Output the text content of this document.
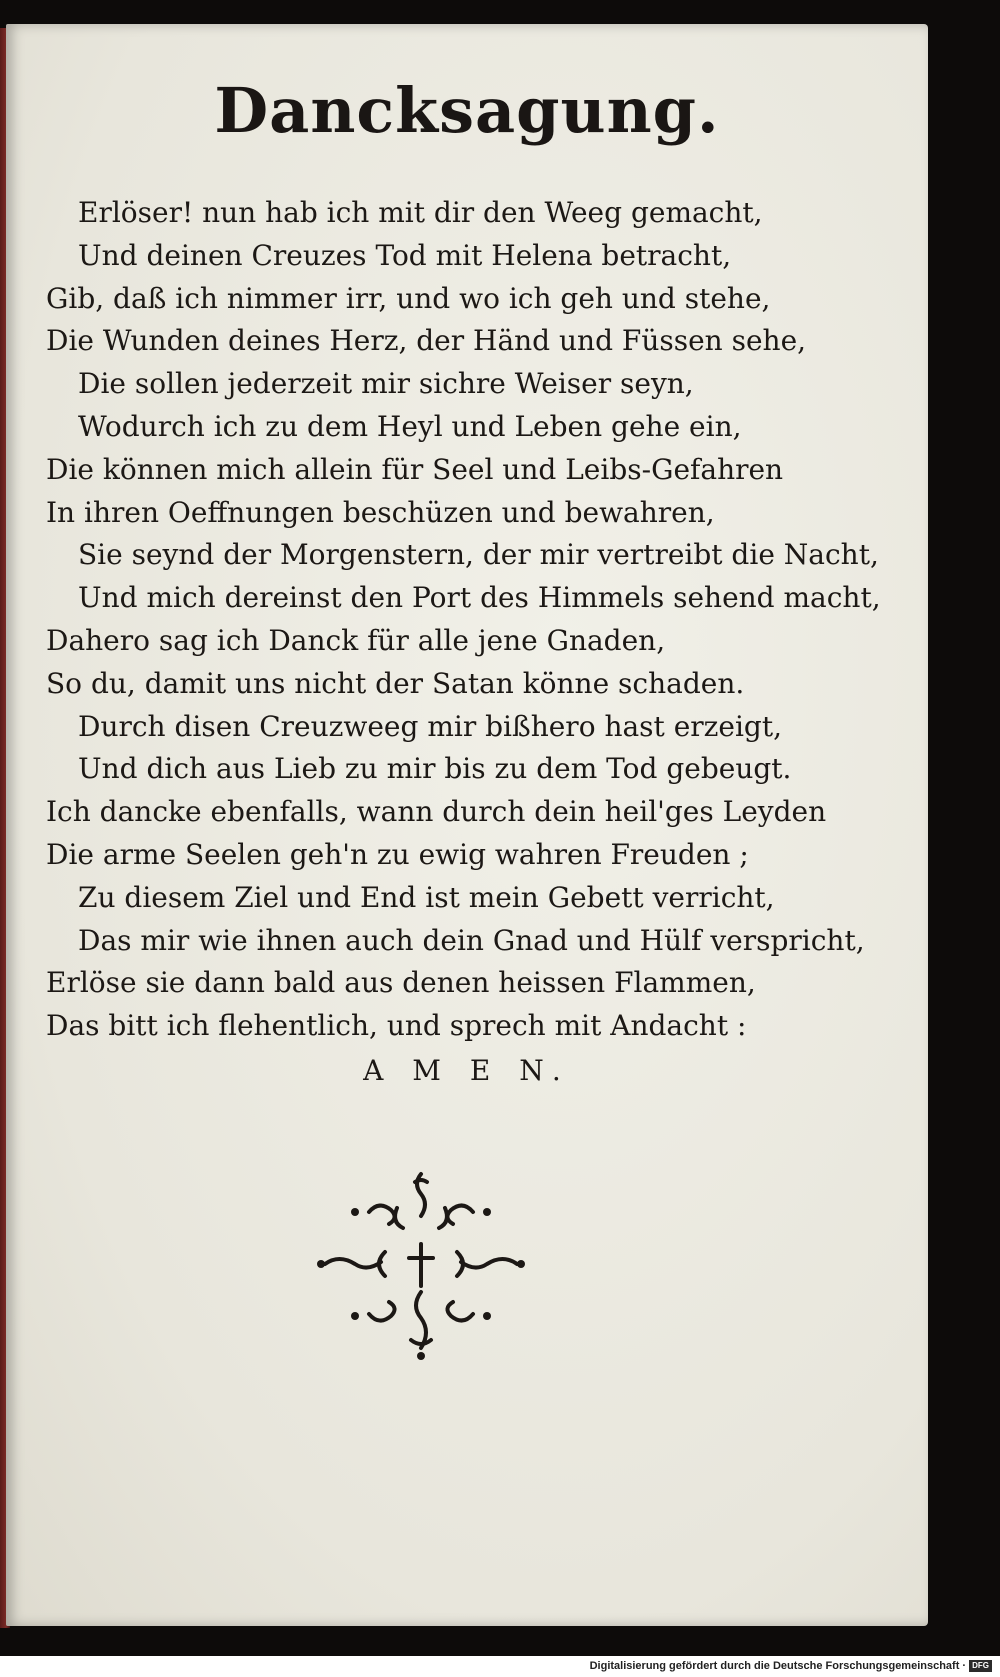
Dancksagung.
Erlöser! nun hab ich mit dir den Weeg gemacht,
Und deinen Creuzes Tod mit Helena betracht,
Gib, daß ich nimmer irr, und wo ich geh und stehe,
Die Wunden deines Herz, der Händ und Füssen sehe,
Die sollen jederzeit mir sichre Weiser seyn,
Wodurch ich zu dem Heyl und Leben gehe ein,
Die können mich allein für Seel und Leibs-Gefahren
In ihren Oeffnungen beschüzen und bewahren,
Sie seynd der Morgenstern, der mir vertreibt die Nacht,
Und mich dereinst den Port des Himmels sehend macht,
Dahero sag ich Danck für alle jene Gnaden,
So du, damit uns nicht der Satan könne schaden.
Durch disen Creuzweeg mir bißhero hast erzeigt,
Und dich aus Lieb zu mir bis zu dem Tod gebeugt.
Ich dancke ebenfalls, wann durch dein heil'ges Leyden
Die arme Seelen geh'n zu ewig wahren Freuden ;
Zu diesem Ziel und End ist mein Gebett verricht,
Das mir wie ihnen auch dein Gnad und Hülf verspricht,
Erlöse sie dann bald aus denen heissen Flammen,
Das bitt ich flehentlich, und sprech mit Andacht :
A M E N.
Digitalisierung gefördert durch die Deutsche Forschungsgemeinschaft · DFG
